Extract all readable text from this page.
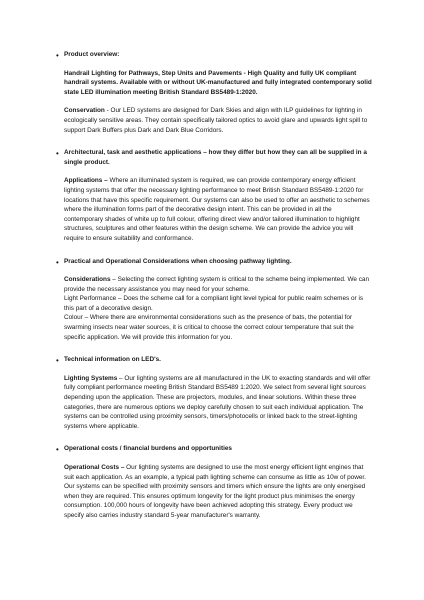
• Product overview:
Handrail Lighting for Pathways, Step Units and Pavements - High Quality and fully UK compliant handrail systems. Available with or without UK-manufactured and fully integrated contemporary solid state LED illumination meeting British Standard BS5489-1:2020.
Conservation - Our LED systems are designed for Dark Skies and align with ILP guidelines for lighting in ecologically sensitive areas. They contain specifically tailored optics to avoid glare and upwards light spill to support Dark Buffers plus Dark and Dark Blue Corridors.
• Architectural, task and aesthetic applications – how they differ but how they can all be supplied in a single product.
Applications – Where an illuminated system is required, we can provide contemporary energy efficient lighting systems that offer the necessary lighting performance to meet British Standard BS5489-1:2020 for locations that have this specific requirement. Our systems can also be used to offer an aesthetic to schemes where the illumination forms part of the decorative design intent. This can be provided in all the contemporary shades of white up to full colour, offering direct view and/or tailored illumination to highlight structures, sculptures and other features within the design scheme. We can provide the advice you will require to ensure suitability and conformance.
• Practical and Operational Considerations when choosing pathway lighting.
Considerations – Selecting the correct lighting system is critical to the scheme being implemented. We can provide the necessary assistance you may need for your scheme.
Light Performance – Does the scheme call for a compliant light level typical for public realm schemes or is this part of a decorative design.
Colour – Where there are environmental considerations such as the presence of bats, the potential for swarming insects near water sources, it is critical to choose the correct colour temperature that suit the specific application. We will provide this information for you.
• Technical information on LED's.
Lighting Systems – Our lighting systems are all manufactured in the UK to exacting standards and will offer fully compliant performance meeting British Standard BS5489 1:2020. We select from several light sources depending upon the application. These are projectors, modules, and linear solutions. Within these three categories, there are numerous options we deploy carefully chosen to suit each individual application. The systems can be controlled using proximity sensors, timers/photocells or linked back to the street-lighting systems where applicable.
• Operational costs / financial burdens and opportunities
Operational Costs – Our lighting systems are designed to use the most energy efficient light engines that suit each application. As an example, a typical path lighting scheme can consume as little as 10w of power. Our systems can be specified with proximity sensors and timers which ensure the lights are only energised when they are required. This ensures optimum longevity for the light product plus minimises the energy consumption. 100,000 hours of longevity have been achieved adopting this strategy. Every product we specify also carries industry standard 5-year manufacturer's warranty.
